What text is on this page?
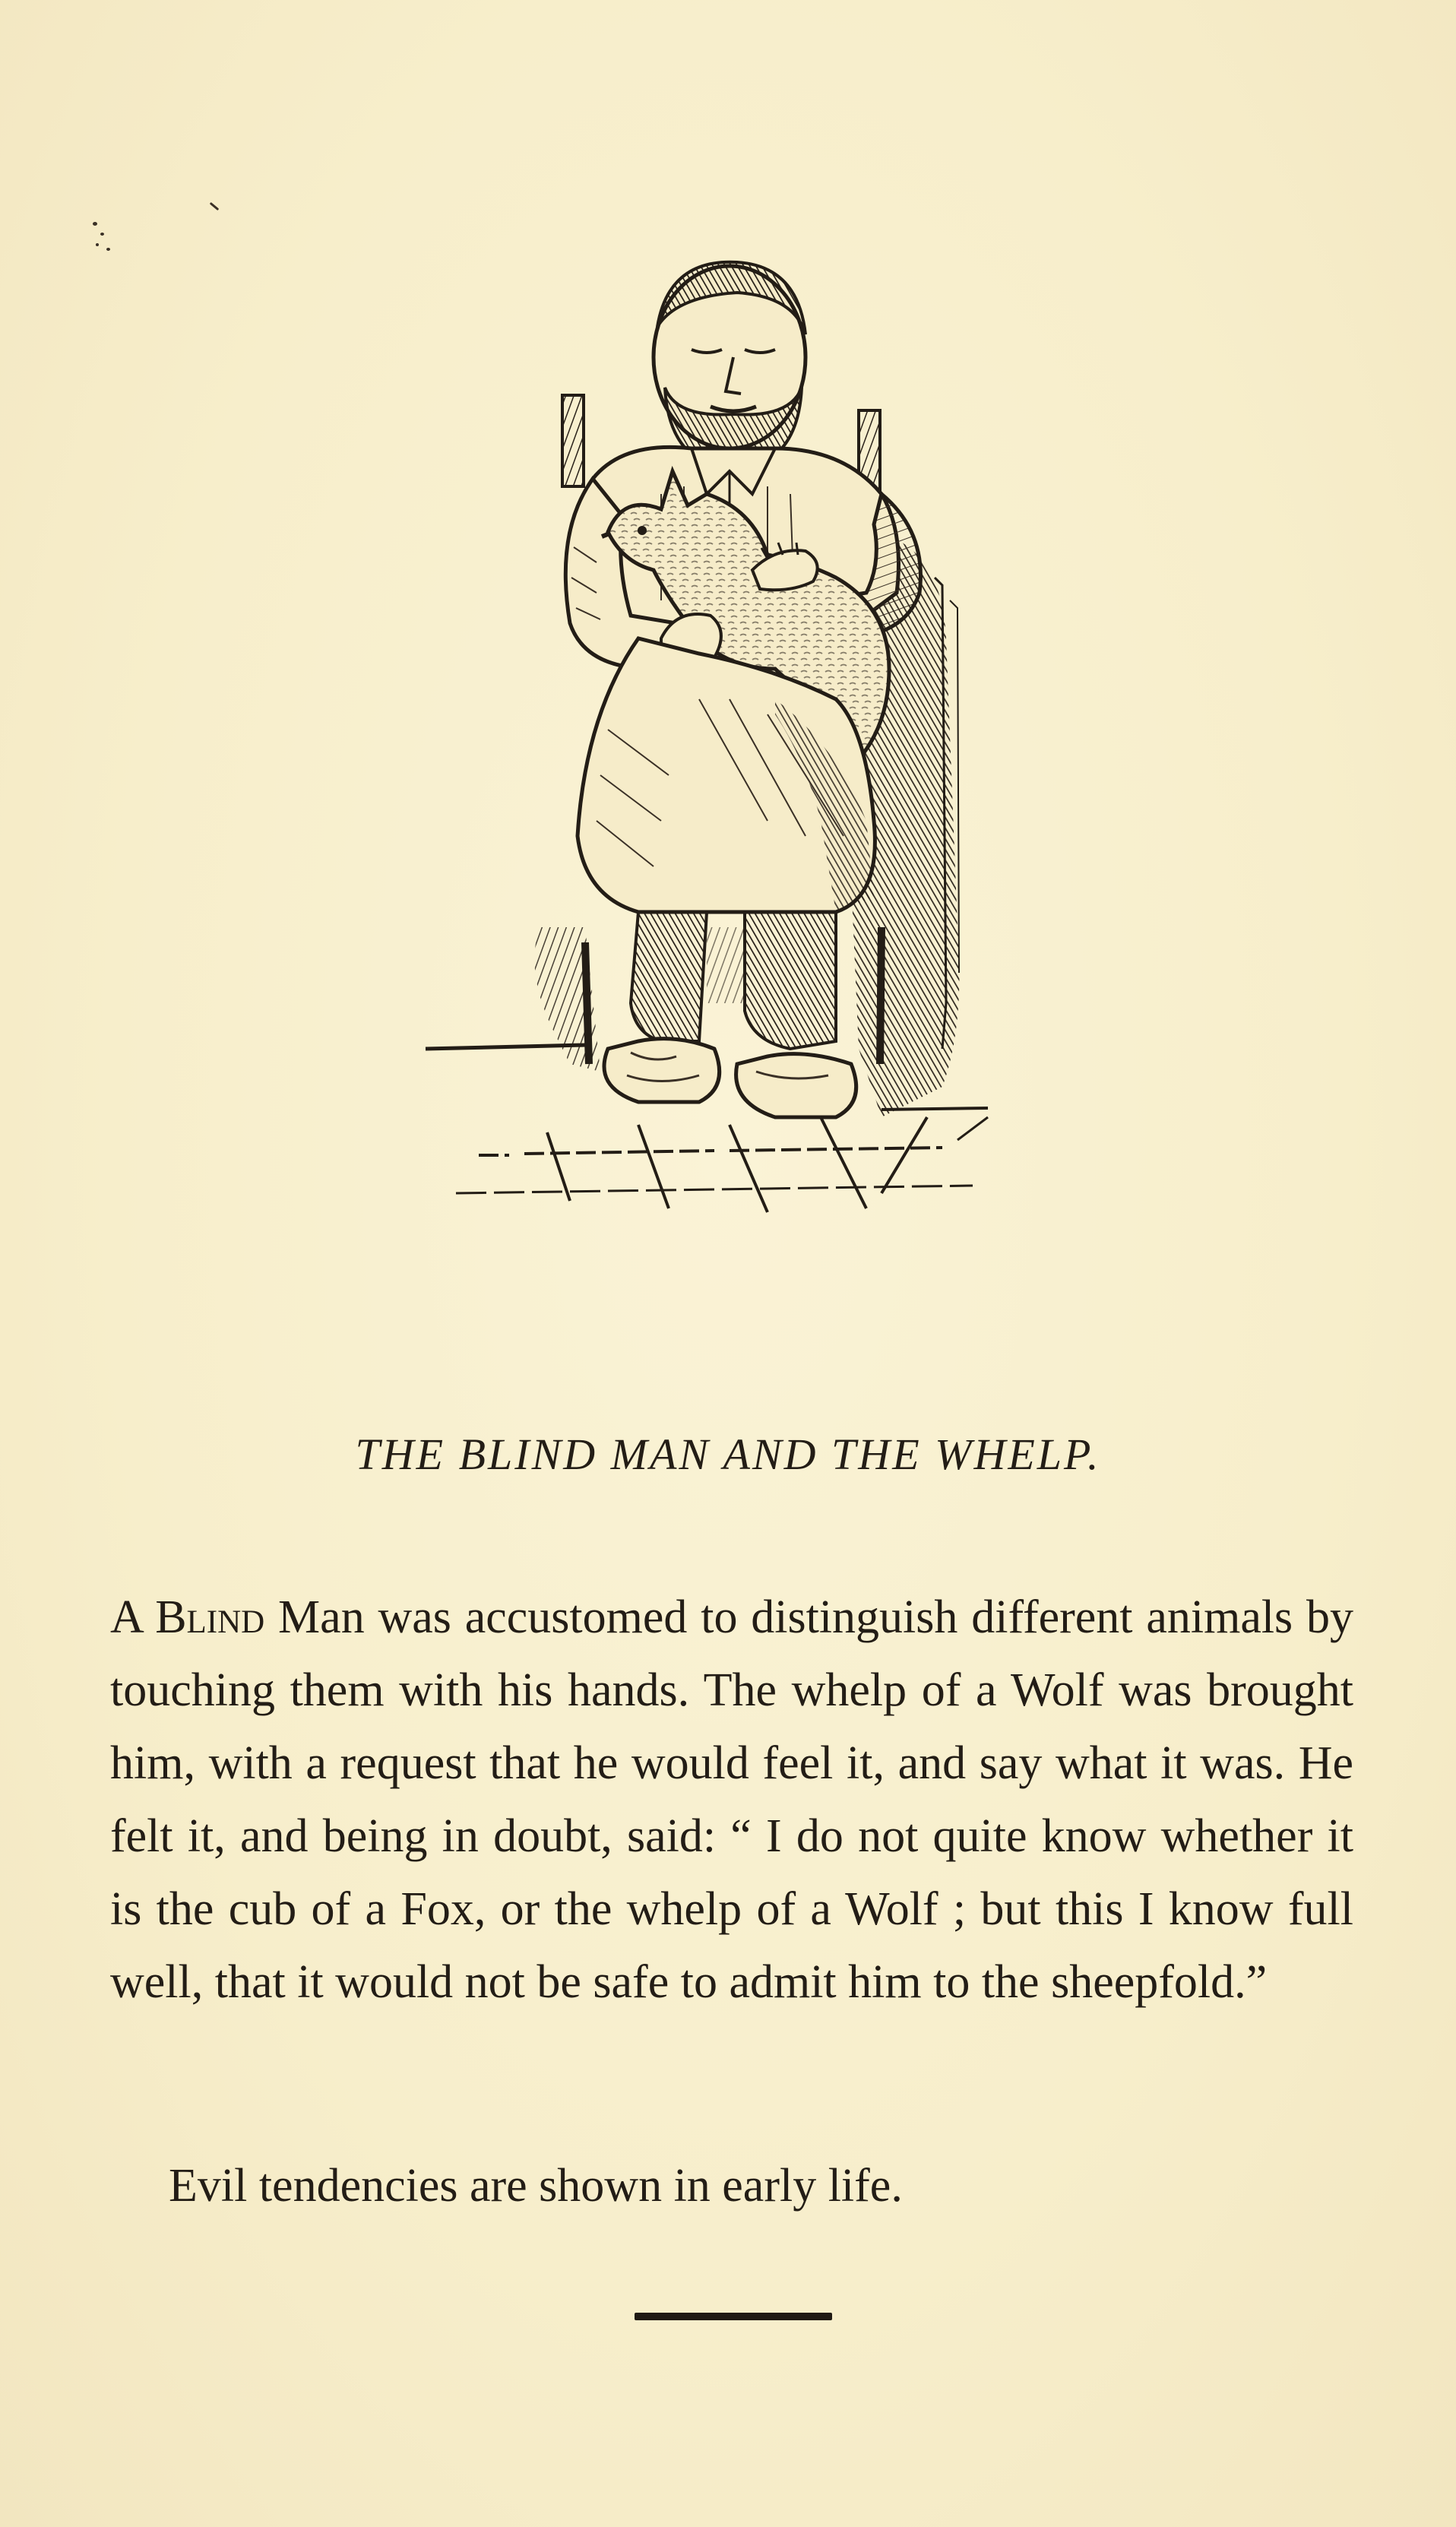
THE BLIND MAN AND THE WHELP.

A Blind Man was accustomed to distinguish different animals by touching them with his hands. The whelp of a Wolf was brought him, with a request that he would feel it, and say what it was. He felt it, and being in doubt, said: “ I do not quite know whether it is the cub of a Fox, or the whelp of a Wolf ; but this I know full well, that it would not be safe to admit him to the sheepfold.”

Evil tendencies are shown in early life.
